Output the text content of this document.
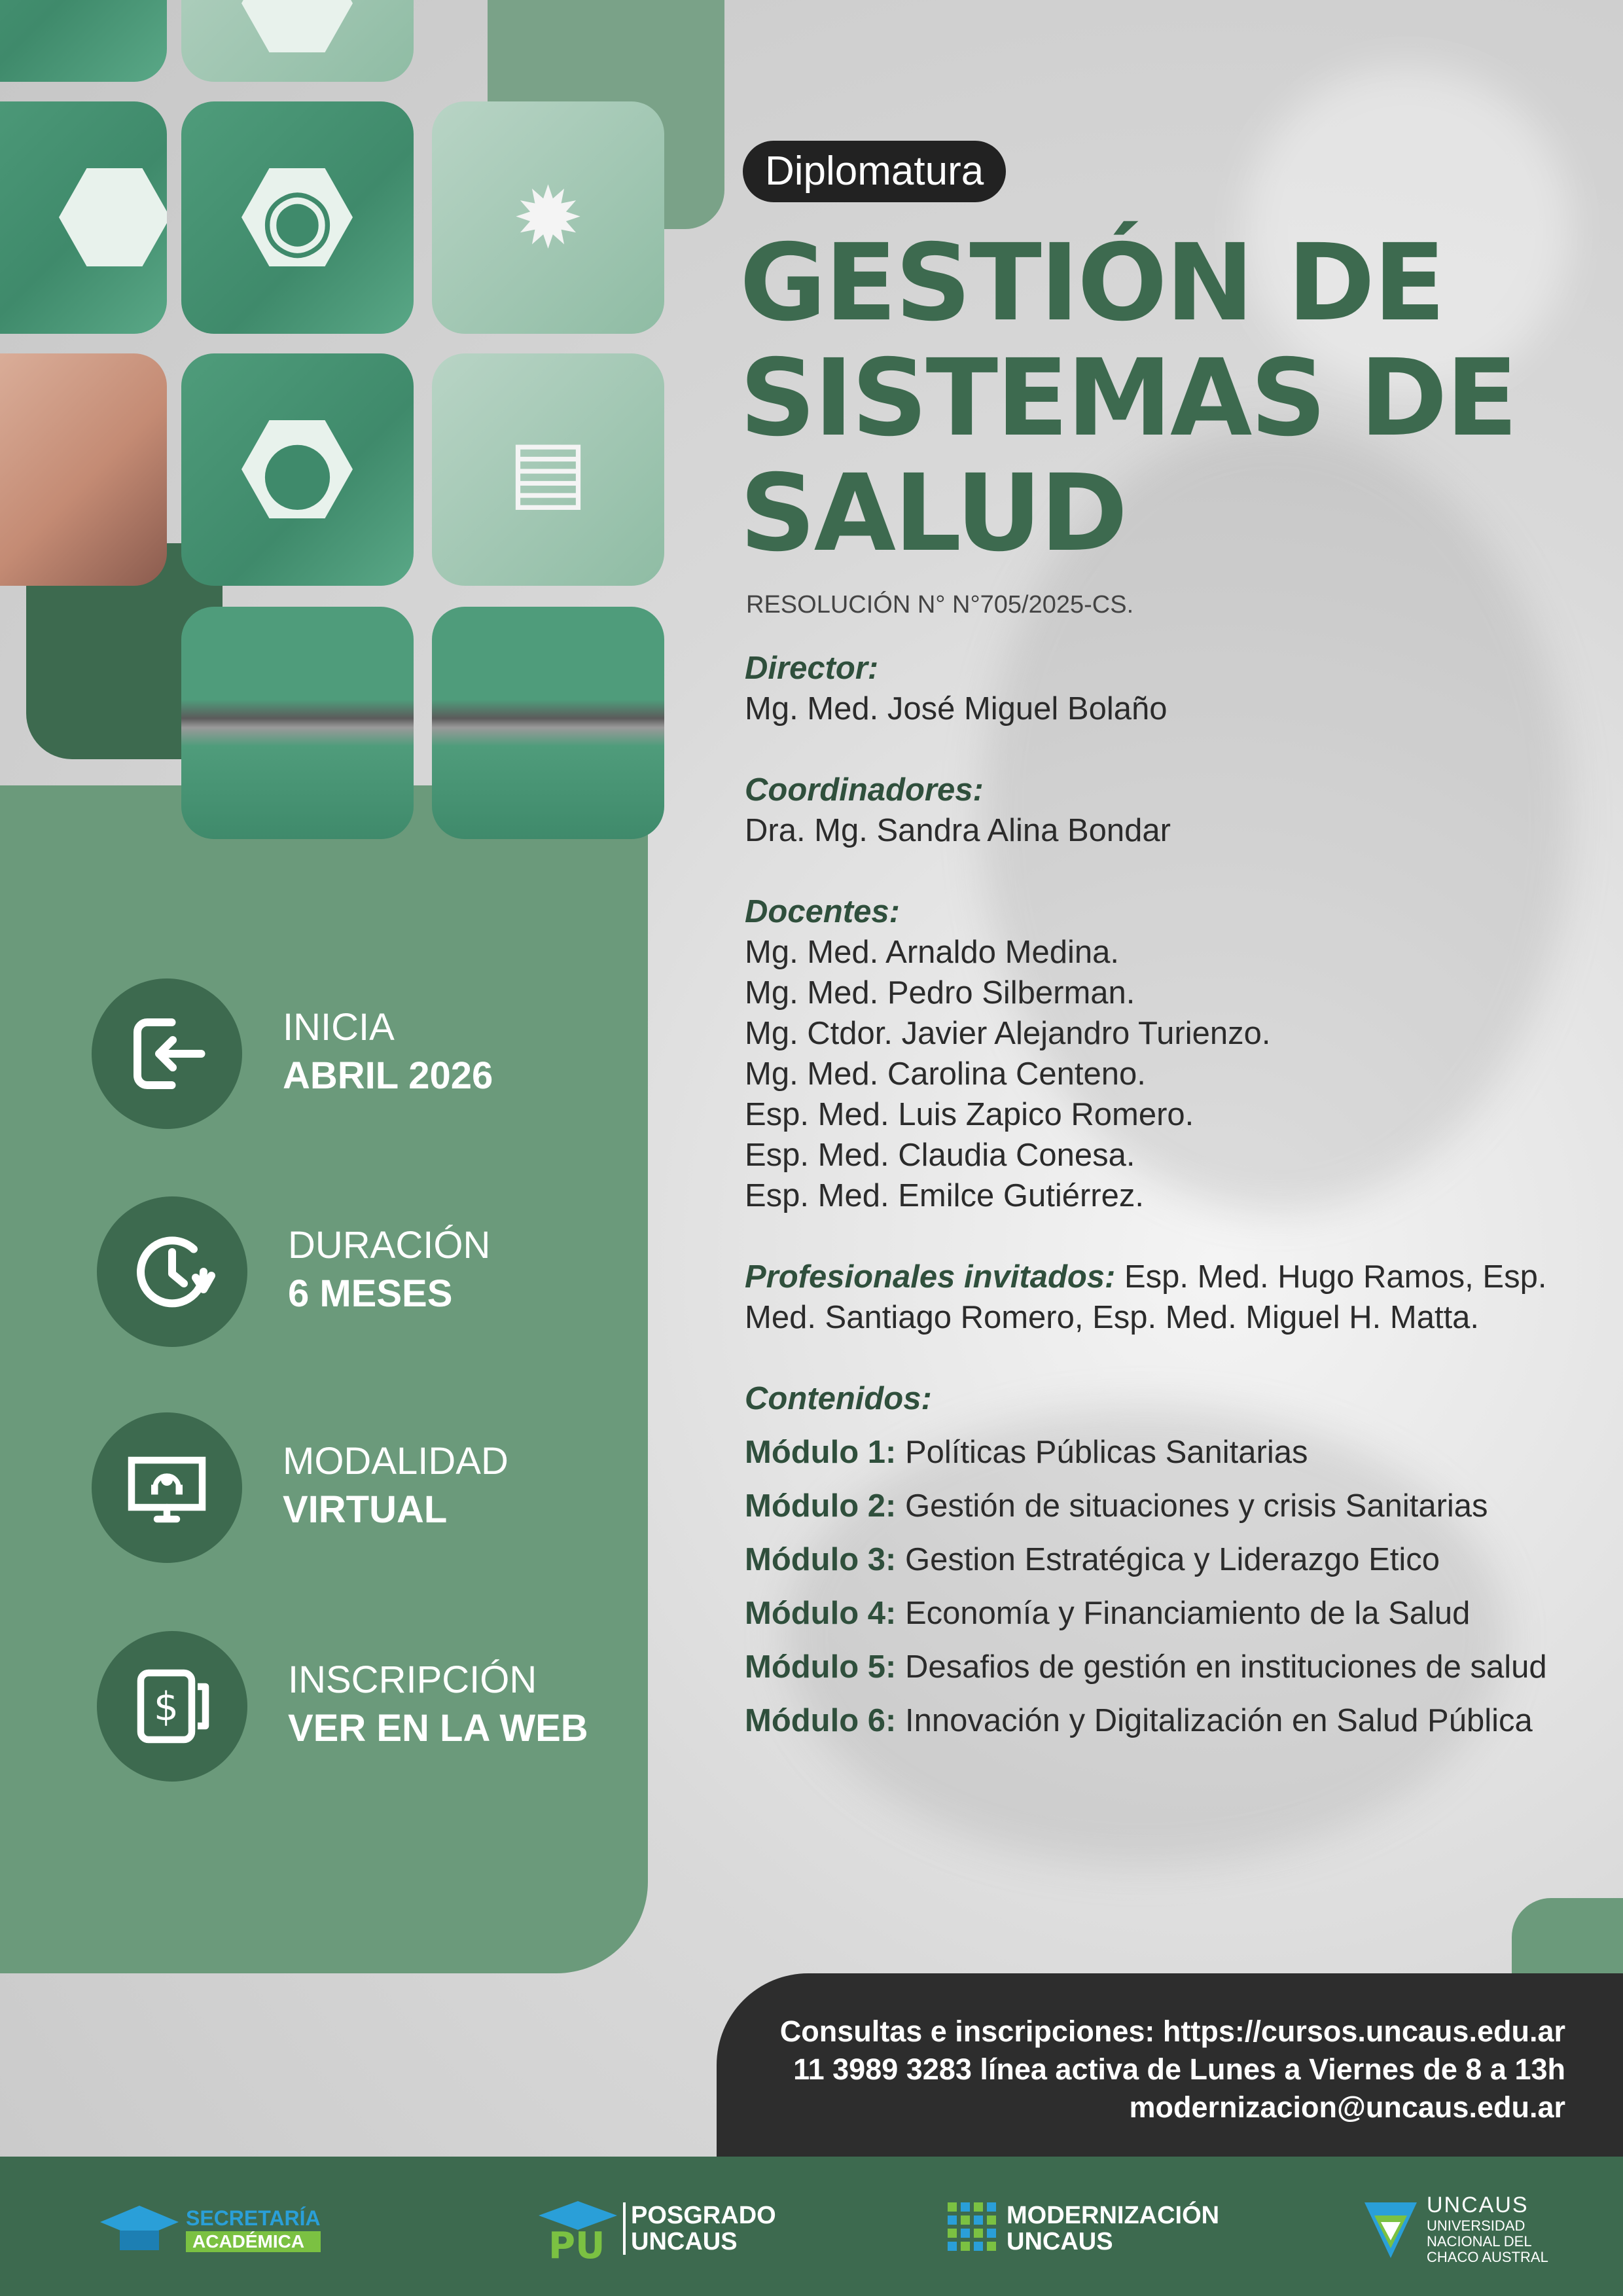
◉	✹
●	▤
Diplomatura
GESTIÓN DE
SISTEMAS DE
SALUD
RESOLUCIÓN N° N°705/2025-CS.

Director:

Mg. Med. José Miguel Bolaño

Coordinadores:

Dra. Mg. Sandra Alina Bondar

Docentes:

Mg. Med. Arnaldo Medina.

Mg. Med. Pedro Silberman.

Mg. Ctdor. Javier Alejandro Turienzo.

Mg. Med. Carolina Centeno.

Esp. Med. Luis Zapico Romero.

Esp. Med. Claudia Conesa.

Esp. Med. Emilce Gutiérrez.

Profesionales invitados: Esp. Med. Hugo Ramos, Esp. Med. Santiago Romero, Esp. Med. Miguel H. Matta.

Contenidos:

Módulo 1: Políticas Públicas Sanitarias

Módulo 2: Gestión de situaciones y crisis Sanitarias

Módulo 3: Gestion Estratégica y Liderazgo Etico

Módulo 4: Economía y Financiamiento de la Salud

Módulo 5: Desafios de gestión en instituciones de salud

Módulo 6: Innovación y Digitalización en Salud Pública

INICIA
ABRIL 2026
DURACIÓN
6 MESES
MODALIDAD
VIRTUAL
$
INSCRIPCIÓN
VER EN LA WEB
Consultas e inscripciones: https://cursos.uncaus.edu.ar
11 3989 3283 línea activa de Lunes a Viernes de 8 a 13h
modernizacion@uncaus.edu.ar
SECRETARÍA
ACADÉMICA	PU
POSGRADO
UNCAUS
MODERNIZACIÓN
UNCAUS
UNCAUS
UNIVERSIDAD
NACIONAL DEL
CHACO AUSTRAL
